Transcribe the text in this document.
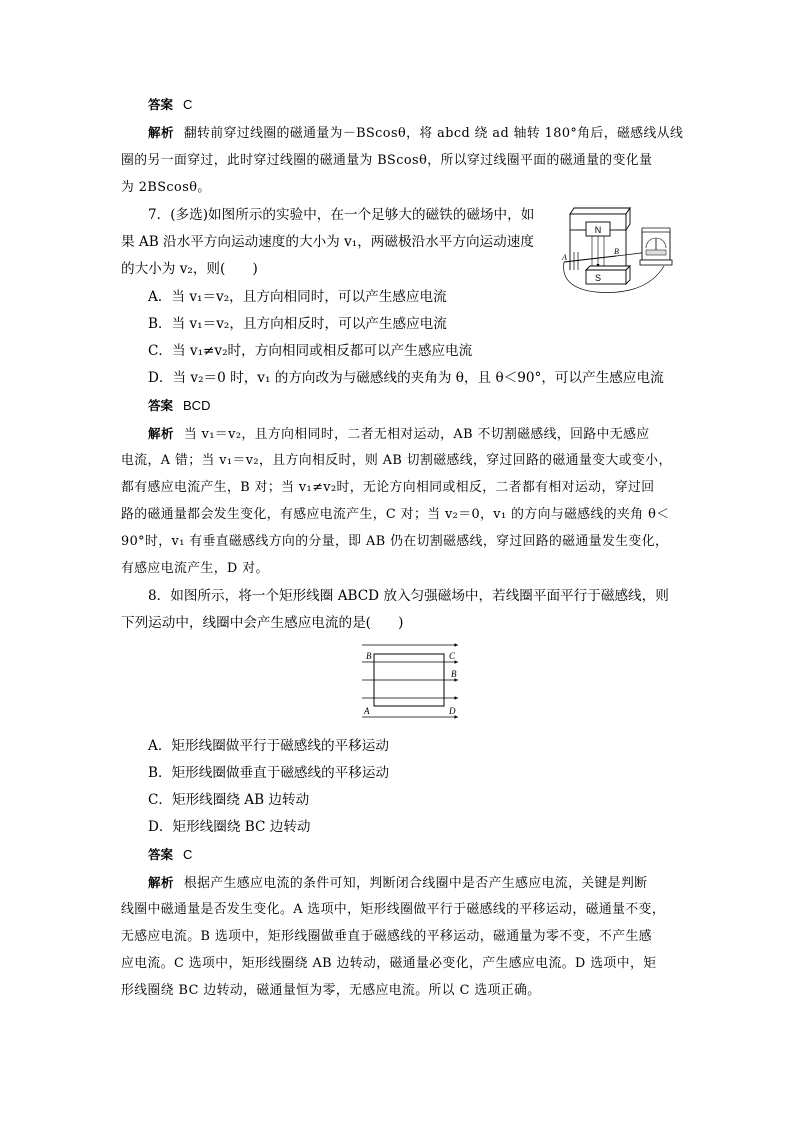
答案 C
解析 翻转前穿过线圈的磁通量为－BScosθ，将 abcd 绕 ad 轴转 180°角后，磁感线从线
圈的另一面穿过，此时穿过线圈的磁通量为 BScosθ，所以穿过线圈平面的磁通量的变化量
为 2BScosθ。
7．(多选)如图所示的实验中，在一个足够大的磁铁的磁场中，如
果 AB 沿水平方向运动速度的大小为 v₁，两磁极沿水平方向运动速度
的大小为 v₂，则(　　)
N
A
B
S
A．当 v₁＝v₂，且方向相同时，可以产生感应电流
B．当 v₁＝v₂，且方向相反时，可以产生感应电流
C．当 v₁≠v₂时，方向相同或相反都可以产生感应电流
D．当 v₂＝0 时，v₁ 的方向改为与磁感线的夹角为 θ，且 θ＜90°，可以产生感应电流
答案 BCD
解析 当 v₁＝v₂，且方向相同时，二者无相对运动，AB 不切割磁感线，回路中无感应
电流，A 错；当 v₁＝v₂，且方向相反时，则 AB 切割磁感线，穿过回路的磁通量变大或变小，
都有感应电流产生，B 对；当 v₁≠v₂时，无论方向相同或相反，二者都有相对运动，穿过回
路的磁通量都会发生变化，有感应电流产生，C 对；当 v₂＝0，v₁ 的方向与磁感线的夹角 θ＜
90°时，v₁ 有垂直磁感线方向的分量，即 AB 仍在切割磁感线，穿过回路的磁通量发生变化，
有感应电流产生，D 对。
8．如图所示，将一个矩形线圈 ABCD 放入匀强磁场中，若线圈平面平行于磁感线，则
下列运动中，线圈中会产生感应电流的是(　　)
B	C
B
A	D
A．矩形线圈做平行于磁感线的平移运动
B．矩形线圈做垂直于磁感线的平移运动
C．矩形线圈绕 AB 边转动
D．矩形线圈绕 BC 边转动
答案 C
解析 根据产生感应电流的条件可知，判断闭合线圈中是否产生感应电流，关键是判断
线圈中磁通量是否发生变化。A 选项中，矩形线圈做平行于磁感线的平移运动，磁通量不变，
无感应电流。B 选项中，矩形线圈做垂直于磁感线的平移运动，磁通量为零不变，不产生感
应电流。C 选项中，矩形线圈绕 AB 边转动，磁通量必变化，产生感应电流。D 选项中，矩
形线圈绕 BC 边转动，磁通量恒为零，无感应电流。所以 C 选项正确。
